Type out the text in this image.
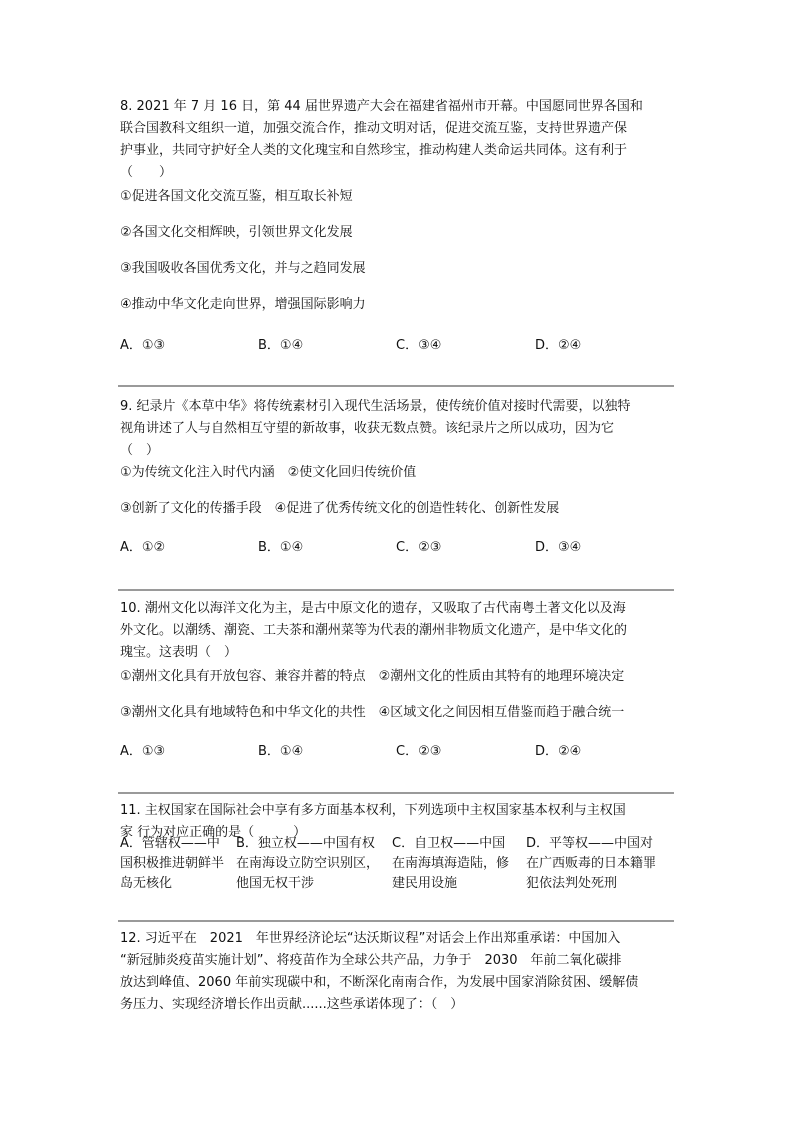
8. 2021 年 7 月 16 日，第 44 届世界遗产大会在福建省福州市开幕。中国愿同世界各国和
联合国教科文组织一道，加强交流合作，推动文明对话，促进交流互鉴，支持世界遗产保
护事业，共同守护好全人类的文化瑰宝和自然珍宝，推动构建人类命运共同体。这有利于
（　　）
①促进各国文化交流互鉴，相互取长补短
②各国文化交相辉映，引领世界文化发展
③我国吸收各国优秀文化，并与之趋同发展
④推动中华文化走向世界，增强国际影响力
A．①③	B．①④	C．③④	D．②④
9. 纪录片《本草中华》将传统素材引入现代生活场景，使传统价值对接时代需要，以独特
视角讲述了人与自然相互守望的新故事，收获无数点赞。该纪录片之所以成功，因为它
（　）
①为传统文化注入时代内涵　②使文化回归传统价值
③创新了文化的传播手段　④促进了优秀传统文化的创造性转化、创新性发展
A．①②	B．①④	C．②③	D．③④
10. 潮州文化以海洋文化为主，是古中原文化的遗存，又吸取了古代南粤土著文化以及海
外文化。以潮绣、潮瓷、工夫茶和潮州菜等为代表的潮州非物质文化遗产，是中华文化的
瑰宝。这表明（　）
①潮州文化具有开放包容、兼容并蓄的特点　②潮州文化的性质由其特有的地理环境决定
③潮州文化具有地域特色和中华文化的共性　④区域文化之间因相互借鉴而趋于融合统一
A．①③	B．①④	C．②③	D．②④
11. 主权国家在国际社会中享有多方面基本权利，下列选项中主权国家基本权利与主权国
家 行为对应正确的是（　　　）
A．管辖权——中
国积极推进朝鲜半
岛无核化
B．独立权——中国有权
在南海设立防空识别区，
他国无权干涉
C．自卫权——中国
在南海填海造陆，修
建民用设施
D．平等权——中国对
在广西贩毒的日本籍罪
犯依法判处死刑
12. 习近平在　2021　年世界经济论坛“达沃斯议程”对话会上作出郑重承诺：中国加入
“新冠肺炎疫苗实施计划”、将疫苗作为全球公共产品，力争于　2030　年前二氧化碳排
放达到峰值、2060 年前实现碳中和，不断深化南南合作，为发展中国家消除贫困、缓解债
务压力、实现经济增长作出贡献......这些承诺体现了：（　）
